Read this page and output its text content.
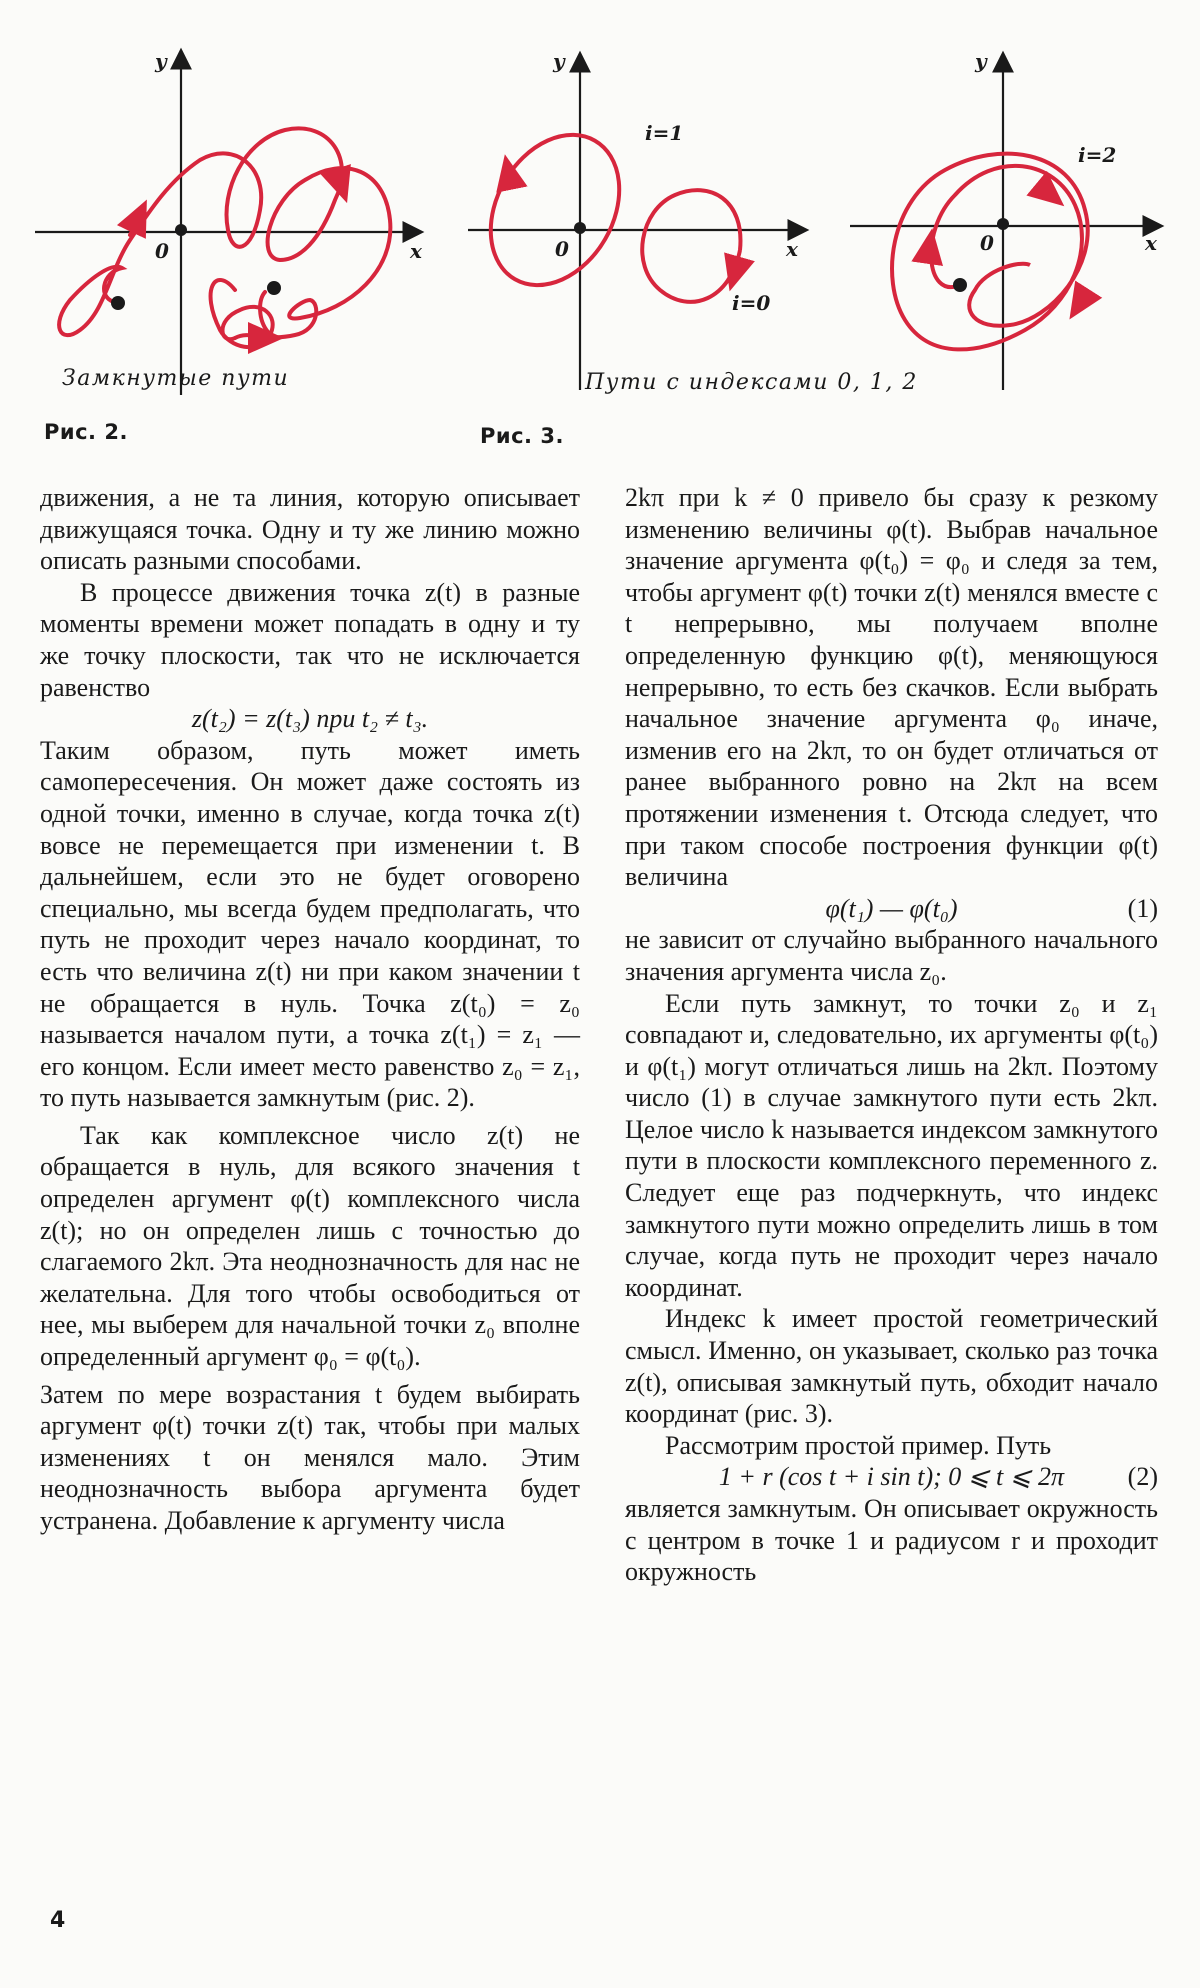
y
x
0
y
x
0
y
x
0
i=1
i=0
i=2
Замкнутые пути	Пути с индексами 0, 1, 2
Рис. 2.	Рис. 3.

движения, а не та линия, которую описывает движущаяся точка. Одну и ту же линию можно описать разными способами.

В процессе движения точка z(t) в разные моменты времени может попадать в одну и ту же точку плоскости, так что не исключается равенство

z(t₂) = z(t₃) при t₂ ≠ t₃.

Таким образом, путь может иметь самопересечения. Он может даже состоять из одной точки, именно в случае, когда точка z(t) вовсе не перемещается при изменении t. В дальнейшем, если это не будет оговорено специально, мы всегда будем предполагать, что путь не проходит через начало координат, то есть что величина z(t) ни при каком значении t не обращается в нуль. Точка z(t₀) = z₀ называется началом пути, а точка z(t₁) = z₁ — его концом. Если имеет место равенство z₀ = z₁, то путь называется замкнутым (рис. 2).

Так как комплексное число z(t) не обращается в нуль, для всякого значения t определен аргумент φ(t) комплексного числа z(t); но он определен лишь с точностью до слагаемого 2kπ. Эта неоднозначность для нас не желательна. Для того чтобы освободиться от нее, мы выберем для начальной точки z₀ вполне определенный аргумент φ₀ = φ(t₀).

Затем по мере возрастания t будем выбирать аргумент φ(t) точки z(t) так, чтобы при малых изменениях t он менялся мало. Этим неоднозначность выбора аргумента будет устранена. Добавление к аргументу числа

2kπ при k ≠ 0 привело бы сразу к резкому изменению величины φ(t). Выбрав начальное значение аргумента φ(t₀) = φ₀ и следя за тем, чтобы аргумент φ(t) точки z(t) менялся вместе с t непрерывно, мы получаем вполне определенную функцию φ(t), меняющуюся непрерывно, то есть без скачков. Если выбрать начальное значение аргумента φ₀ иначе, изменив его на 2kπ, то он будет отличаться от ранее выбранного ровно на 2kπ на всем протяжении изменения t. Отсюда следует, что при таком способе построения функции φ(t) величина

φ(t₁) — φ(t₀)	(1)

не зависит от случайно выбранного начального значения аргумента числа z₀.

Если путь замкнут, то точки z₀ и z₁ совпадают и, следовательно, их аргументы φ(t₀) и φ(t₁) могут отличаться лишь на 2kπ. Поэтому число (1) в случае замкнутого пути есть 2kπ. Целое число k называется индексом замкнутого пути в плоскости комплексного переменного z. Следует еще раз подчеркнуть, что индекс замкнутого пути можно определить лишь в том случае, когда путь не проходит через начало координат.

Индекс k имеет простой геометрический смысл. Именно, он указывает, сколько раз точка z(t), описывая замкнутый путь, обходит начало координат (рис. 3).

Рассмотрим простой пример. Путь

1 + r (cos t + i sin t); 0 ⩽ t ⩽ 2π (2)

является замкнутым. Он описывает окружность с центром в точке 1 и радиусом r и проходит окружность

4
